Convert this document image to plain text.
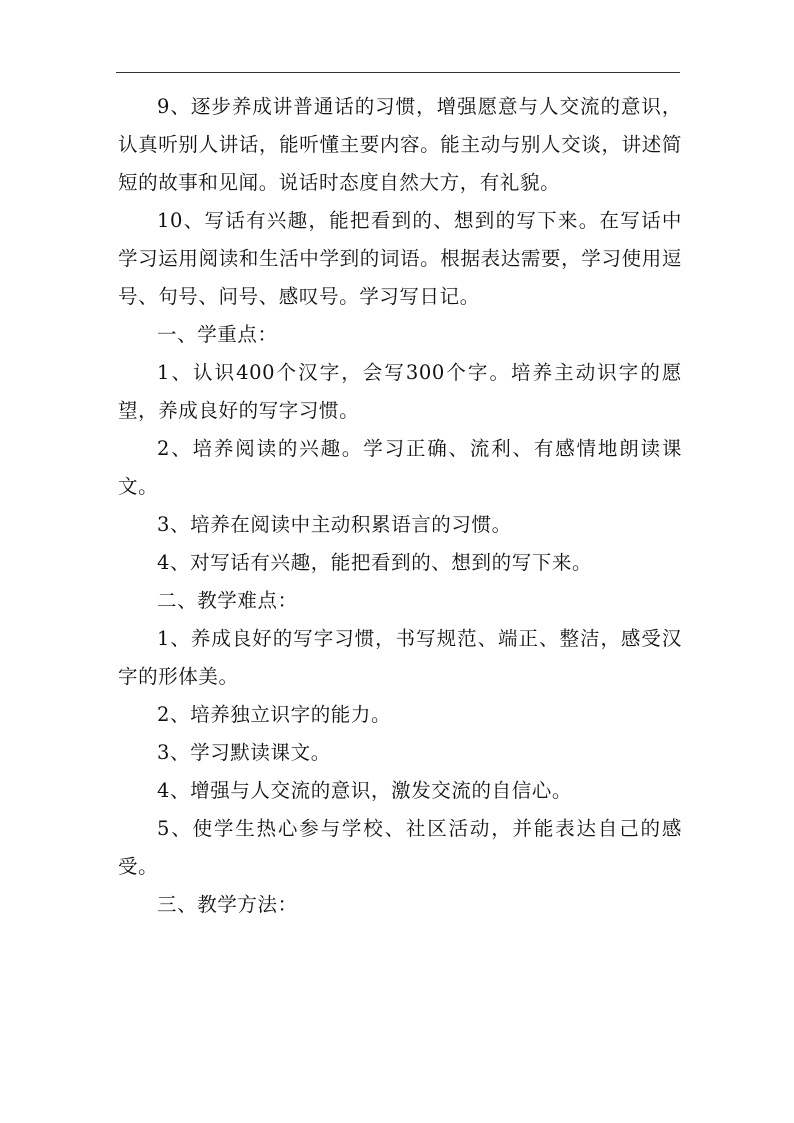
9、逐步养成讲普通话的习惯，增强愿意与人交流的意识，认真听别人讲话，能听懂主要内容。能主动与别人交谈，讲述简短的故事和见闻。说话时态度自然大方，有礼貌。

10、写话有兴趣，能把看到的、想到的写下来。在写话中学习运用阅读和生活中学到的词语。根据表达需要，学习使用逗号、句号、问号、感叹号。学习写日记。

一、学重点：

1、认识400个汉字，会写300个字。培养主动识字的愿望，养成良好的写字习惯。

2、培养阅读的兴趣。学习正确、流利、有感情地朗读课文。

3、培养在阅读中主动积累语言的习惯。

4、对写话有兴趣，能把看到的、想到的写下来。

二、教学难点：

1、养成良好的写字习惯，书写规范、端正、整洁，感受汉字的形体美。

2、培养独立识字的能力。

3、学习默读课文。

4、增强与人交流的意识，激发交流的自信心。

5、使学生热心参与学校、社区活动，并能表达自己的感受。

三、教学方法：
